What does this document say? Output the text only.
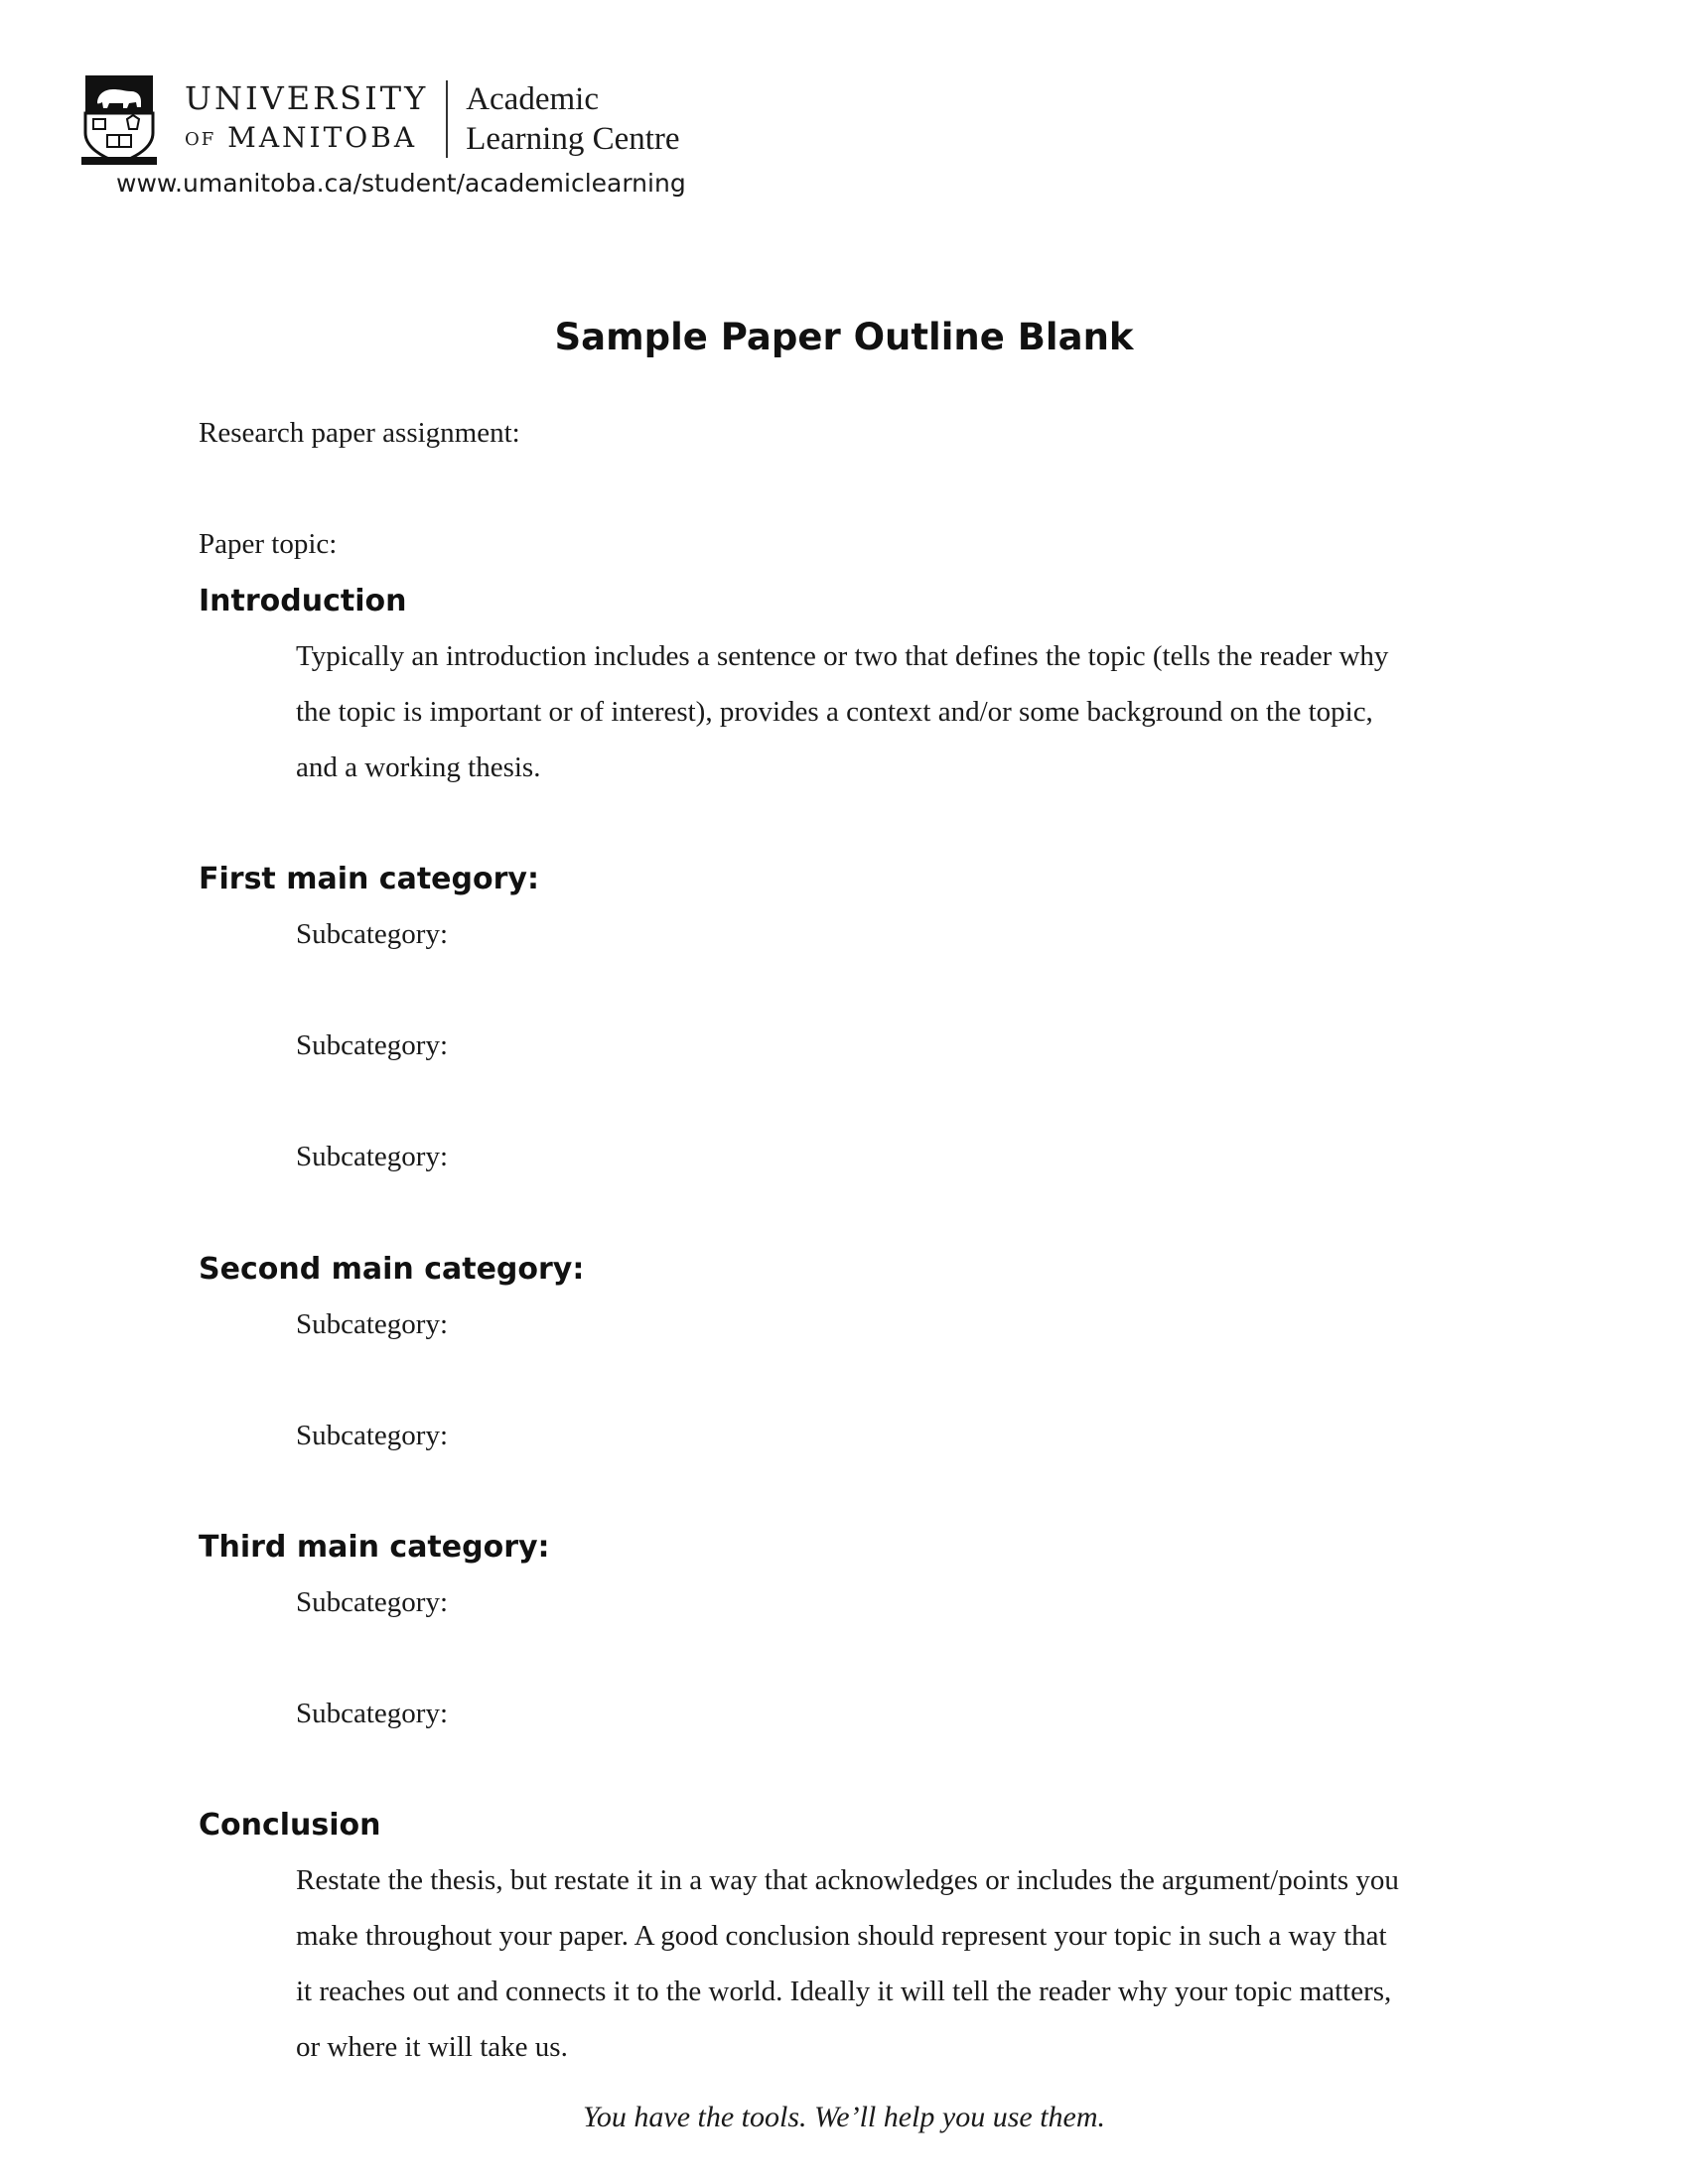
UNIVERSITY
OF MANITOBA
Academic
Learning Centre
www.umanitoba.ca/student/academiclearning
Sample Paper Outline Blank
Research paper assignment:
Paper topic:
Introduction
Typically an introduction includes a sentence or two that defines the topic (tells the reader why
the topic is important or of interest), provides a context and/or some background on the topic,
and a working thesis.
First main category:
Subcategory:
Subcategory:
Subcategory:
Second main category:
Subcategory:
Subcategory:
Third main category:
Subcategory:
Subcategory:
Conclusion
Restate the thesis, but restate it in a way that acknowledges or includes the argument/points you
make throughout your paper. A good conclusion should represent your topic in such a way that
it reaches out and connects it to the world. Ideally it will tell the reader why your topic matters,
or where it will take us.
You have the tools. We’ll help you use them.
